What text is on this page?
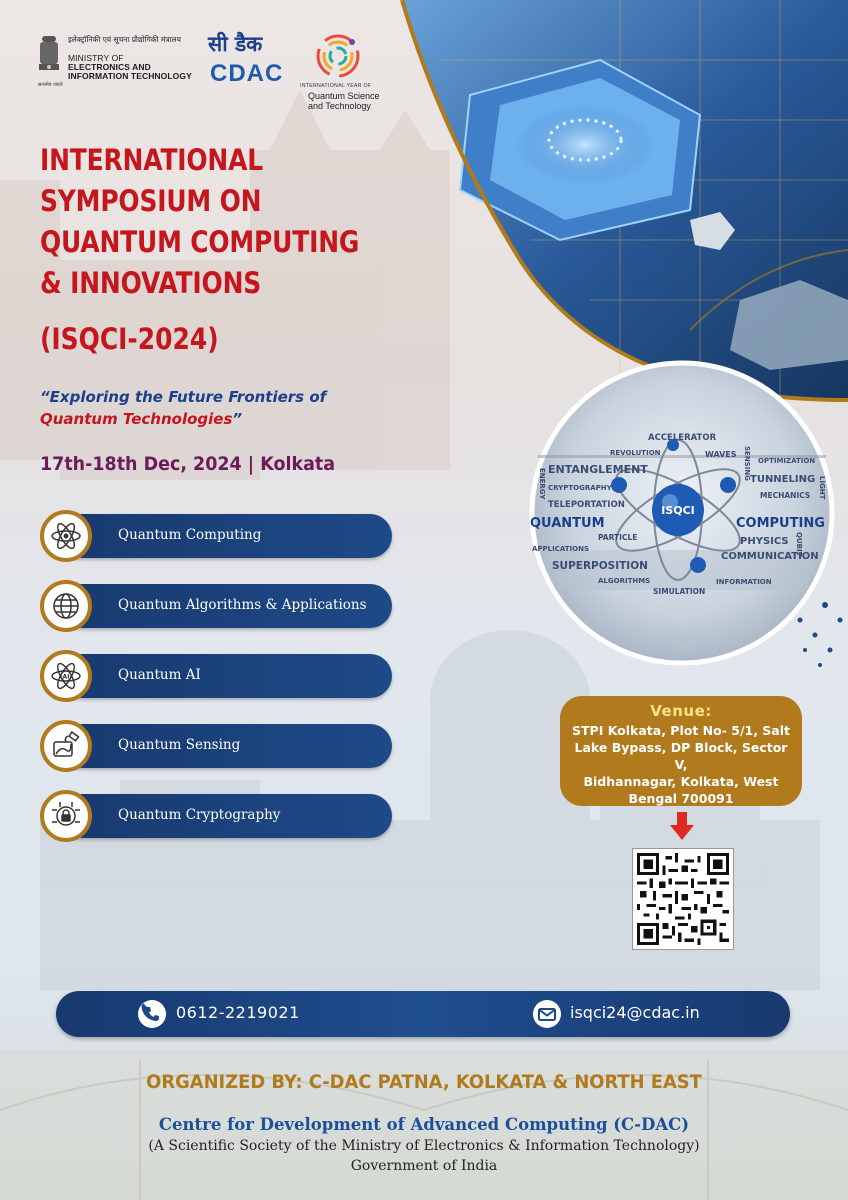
इलेक्ट्रॉनिकी एवं सूचना प्रौद्योगिकी मंत्रालय
ELECTRONICS AND
INFORMATION TECHNOLOGY
MINISTRY OF
सत्यमेव जयते
सी डैक
CDAC	INTERNATIONAL YEAR OF
Quantum Science
and Technology
INTERNATIONAL
SYMPOSIUM ON
QUANTUM COMPUTING
& INNOVATIONS
(ISQCI-2024)
“Exploring the Future Frontiers of
Quantum Technologies”
17th-18th Dec, 2024 | Kolkata
Quantum Computing
Quantum Algorithms & Applications
AI	Quantum AI
Quantum Sensing
Quantum Cryptography
ISQCI
ACCELERATOR
REVOLUTION	WAVES
OPTIMIZATION
ENTANGLEMENT
TUNNELING
CRYPTOGRAPHY
MECHANICS
TELEPORTATION
QUANTUM	COMPUTING
PARTICLE	PHYSICS
APPLICATIONS
COMMUNICATION
SUPERPOSITION
ALGORITHMS	INFORMATION
SIMULATION
ENERGY
SENSING
LIGHT
QUBIT
Venue:
STPI Kolkata, Plot No- 5/1, Salt
Lake Bypass, DP Block, Sector V,
Bidhannagar, Kolkata, West
Bengal 700091
0612-2219021	isqci24@cdac.in
ORGANIZED BY: C-DAC PATNA, KOLKATA & NORTH EAST
Centre for Development of Advanced Computing (C-DAC)
(A Scientific Society of the Ministry of Electronics & Information Technology)
Government of India
